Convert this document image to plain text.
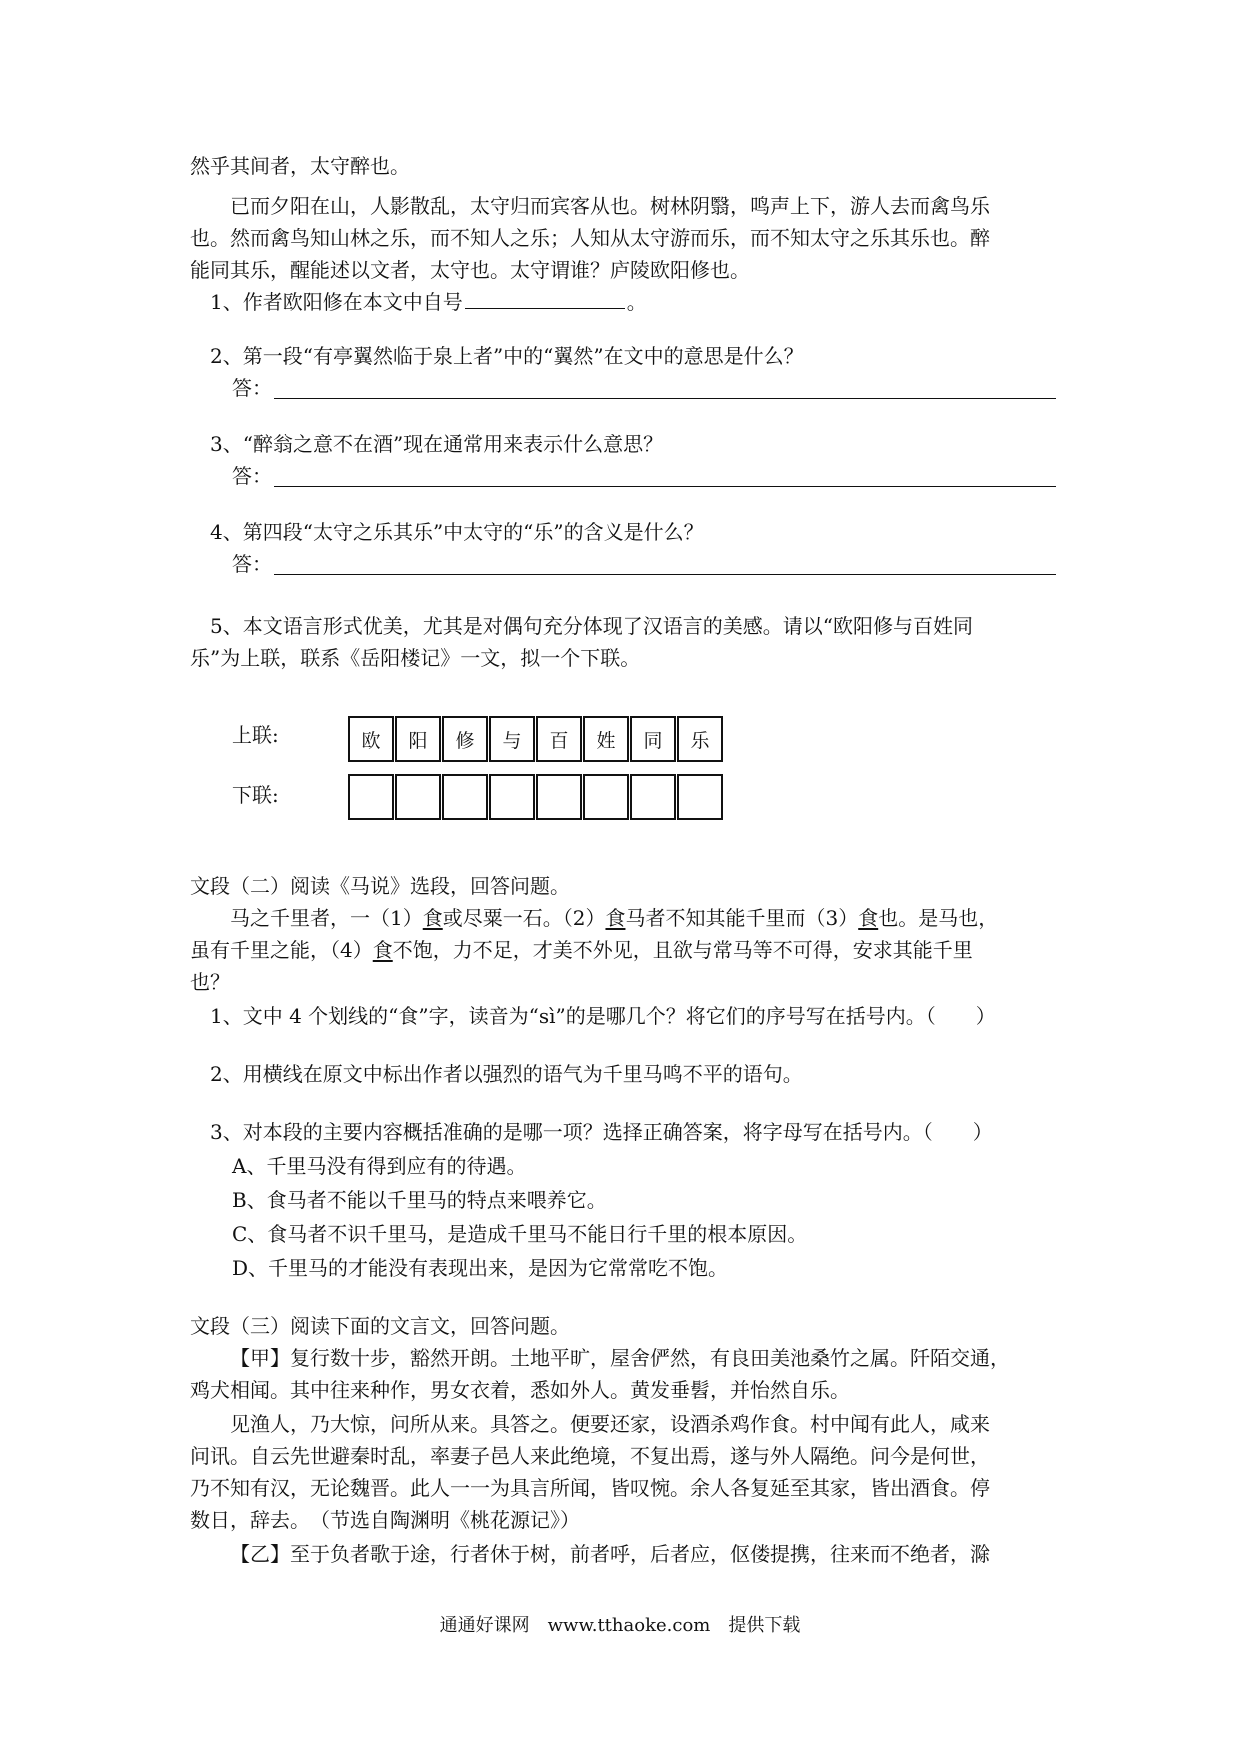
然乎其间者，太守醉也。
已而夕阳在山，人影散乱，太守归而宾客从也。树林阴翳，鸣声上下，游人去而禽鸟乐
也。然而禽鸟知山林之乐，而不知人之乐；人知从太守游而乐，而不知太守之乐其乐也。醉
能同其乐，醒能述以文者，太守也。太守谓谁？庐陵欧阳修也。
1、作者欧阳修在本文中自号	。
2、第一段“有亭翼然临于泉上者”中的“翼然”在文中的意思是什么？
答：
3、“醉翁之意不在酒”现在通常用来表示什么意思？
答：
4、第四段“太守之乐其乐”中太守的“乐”的含义是什么？
答：
5、本文语言形式优美，尤其是对偶句充分体现了汉语言的美感。请以“欧阳修与百姓同
乐”为上联，联系《岳阳楼记》一文，拟一个下联。
上联:	欧	阳	修	与	百	姓	同	乐
下联:
文段（二）阅读《马说》选段，回答问题。
马之千里者，一（1）食或尽粟一石。（2）食马者不知其能千里而（3）食也。是马也，
虽有千里之能，（4）食不饱，力不足，才美不外见，且欲与常马等不可得，安求其能千里
也？
1、文中 4 个划线的“食”字，读音为“sì”的是哪几个？将它们的序号写在括号内。（　　）
2、用横线在原文中标出作者以强烈的语气为千里马鸣不平的语句。
3、对本段的主要内容概括准确的是哪一项？选择正确答案，将字母写在括号内。（　　）
A、千里马没有得到应有的待遇。
B、食马者不能以千里马的特点来喂养它。
C、食马者不识千里马，是造成千里马不能日行千里的根本原因。
D、千里马的才能没有表现出来，是因为它常常吃不饱。
文段（三）阅读下面的文言文，回答问题。
【甲】复行数十步，豁然开朗。土地平旷，屋舍俨然，有良田美池桑竹之属。阡陌交通，
鸡犬相闻。其中往来种作，男女衣着，悉如外人。黄发垂髫，并怡然自乐。
见渔人，乃大惊，问所从来。具答之。便要还家，设酒杀鸡作食。村中闻有此人，咸来
问讯。自云先世避秦时乱，率妻子邑人来此绝境，不复出焉，遂与外人隔绝。问今是何世，
乃不知有汉，无论魏晋。此人一一为具言所闻，皆叹惋。余人各复延至其家，皆出酒食。停
数日，辞去。　（节选自陶渊明《桃花源记》）
【乙】至于负者歌于途，行者休于树，前者呼，后者应，伛偻提携，往来而不绝者，滁
通通好课网　www.tthaoke.com　提供下载
